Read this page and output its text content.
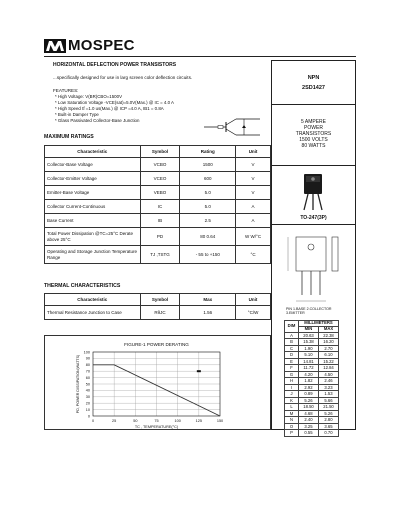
MOSPEC
HORIZONTAL DEFLECTION POWER TRANSISTORS
...specifically designed for use in larg screen color deflection circuits.
FEATURES:
* High Voltage: V(BR)CBO=1500V
* Low Saturation Voltage -VCE(sat)=5.0V(Max.) @ IC = 4.0 A
* High Speed tf =1.0 us(Max.) @ ICP =4.0 A, IB1 = 0.8A
* Built-in Damper Type
* Glass Passivated Collector-Base Junction
NPN
2SD1427
5 AMPERE
POWER
TRANSISTORS
1500 VOLTS
80 WATTS
TO-247(3P)
PIN 1.BASE 2.COLLECTOR 3.EMITTER
MAXIMUM RATINGS
Characteristic	Symbol	Rating	Unit
Collector-Base Voltage	VCBO	1500	V
Collector-Emitter Voltage	VCEO	600	V
Emitter-Base Voltage	VEBO	5.0	V
Collector Current-Continuous	IC	5.0	A
Base Current	IB	2.5	A
Total Power Dissipation @TC=25°C Derate above 25°C	PD	80 0.64	W W/°C
Operating and Storage Junction Temperature Range	TJ ,TSTG	- 55 to +150	°C
THERMAL CHARACTERISTICS
Characteristic	Symbol	Max	Unit
Thermal Resistance Junction to Case	RθJC	1.56	°C/W
0
10
20
30
40
50
60
70
80
90
100
0	25	50	75	100	125	150
FIGURE-1 POWER DERATING
TC , TEMPERATURE(°C)
PD, POWER DISSIPATION(WATTS)
DIM	MILLIMETERS	
	MIN	MAX
A	20.63	22.38
B	15.38	16.20
C	1.90	2.70
D	5.10	6.10
E	14.81	15.22
F	11.72	12.84
G	4.20	4.50
H	1.82	2.46
I	2.92	3.23
J	0.89	1.53
K	5.26	5.66
L	18.50	21.50
M	4.68	5.26
N	2.40	2.80
O	3.25	3.65
P	0.55	0.70
